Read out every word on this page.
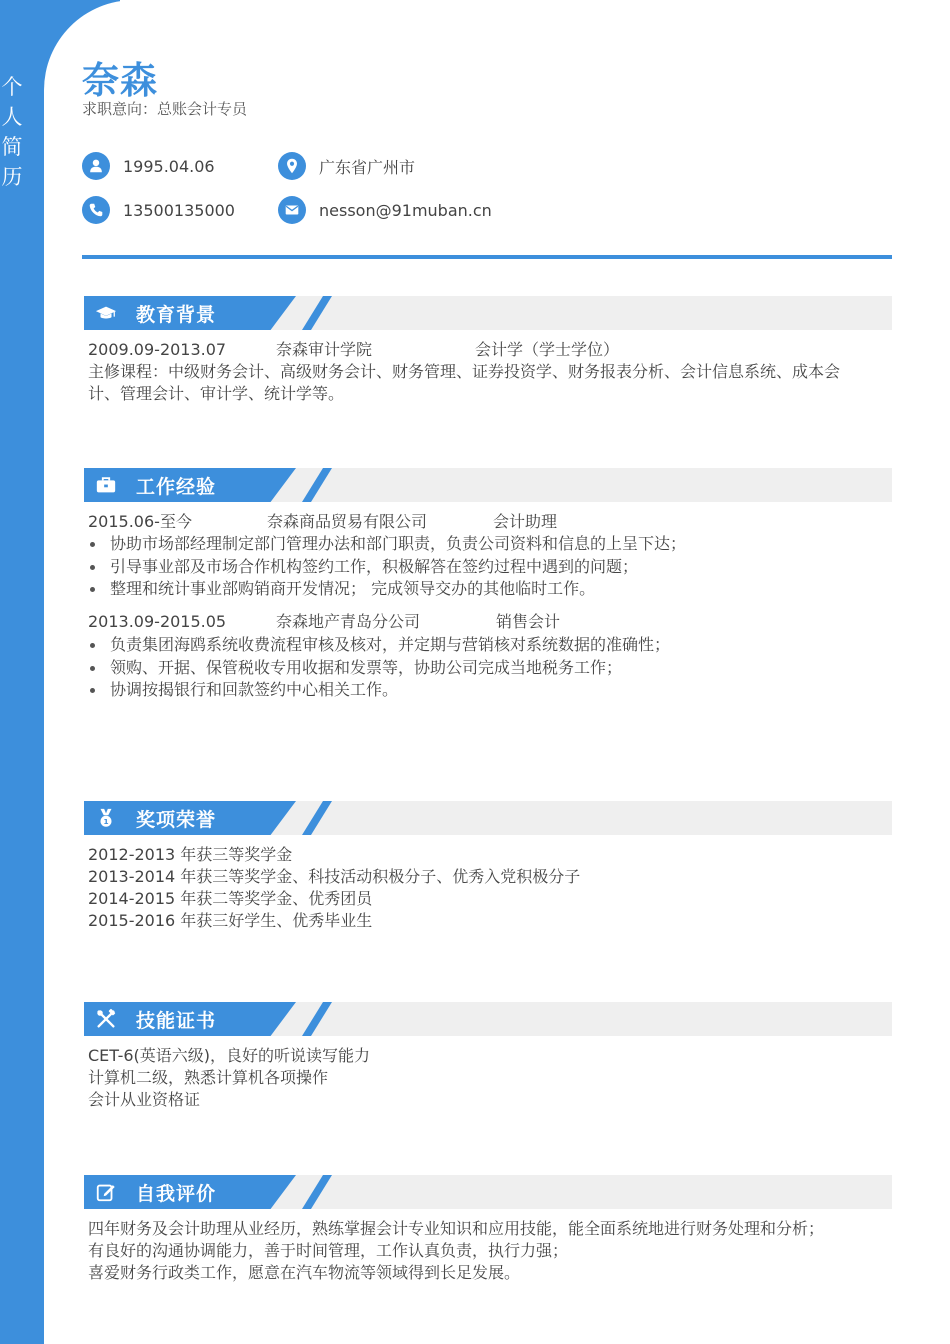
个
人
简
历
奈森
求职意向：总账会计专员
1995.04.06	广东省广州市
13500135000	nesson@91muban.cn
教育背景
2009.09-2013.07	奈森审计学院	会计学（学士学位）
主修课程：中级财务会计、高级财务会计、财务管理、证券投资学、财务报表分析、会计信息系统、成本会
计、管理会计、审计学、统计学等。
工作经验
2015.06-至今	奈森商品贸易有限公司	会计助理
协助市场部经理制定部门管理办法和部门职责，负责公司资料和信息的上呈下达；
引导事业部及市场合作机构签约工作，积极解答在签约过程中遇到的问题；
整理和统计事业部购销商开发情况； 完成领导交办的其他临时工作。
2013.09-2015.05	奈森地产青岛分公司	销售会计
负责集团海鸥系统收费流程审核及核对，并定期与营销核对系统数据的准确性；
领购、开据、保管税收专用收据和发票等，协助公司完成当地税务工作；
协调按揭银行和回款签约中心相关工作。
1 奖项荣誉
2012-2013 年获三等奖学金
2013-2014 年获三等奖学金、科技活动积极分子、优秀入党积极分子
2014-2015 年获二等奖学金、优秀团员
2015-2016 年获三好学生、优秀毕业生
技能证书
CET-6(英语六级)，良好的听说读写能力
计算机二级，熟悉计算机各项操作
会计从业资格证
自我评价
四年财务及会计助理从业经历，熟练掌握会计专业知识和应用技能，能全面系统地进行财务处理和分析；
有良好的沟通协调能力，善于时间管理，工作认真负责，执行力强；
喜爱财务行政类工作，愿意在汽车物流等领域得到长足发展。
